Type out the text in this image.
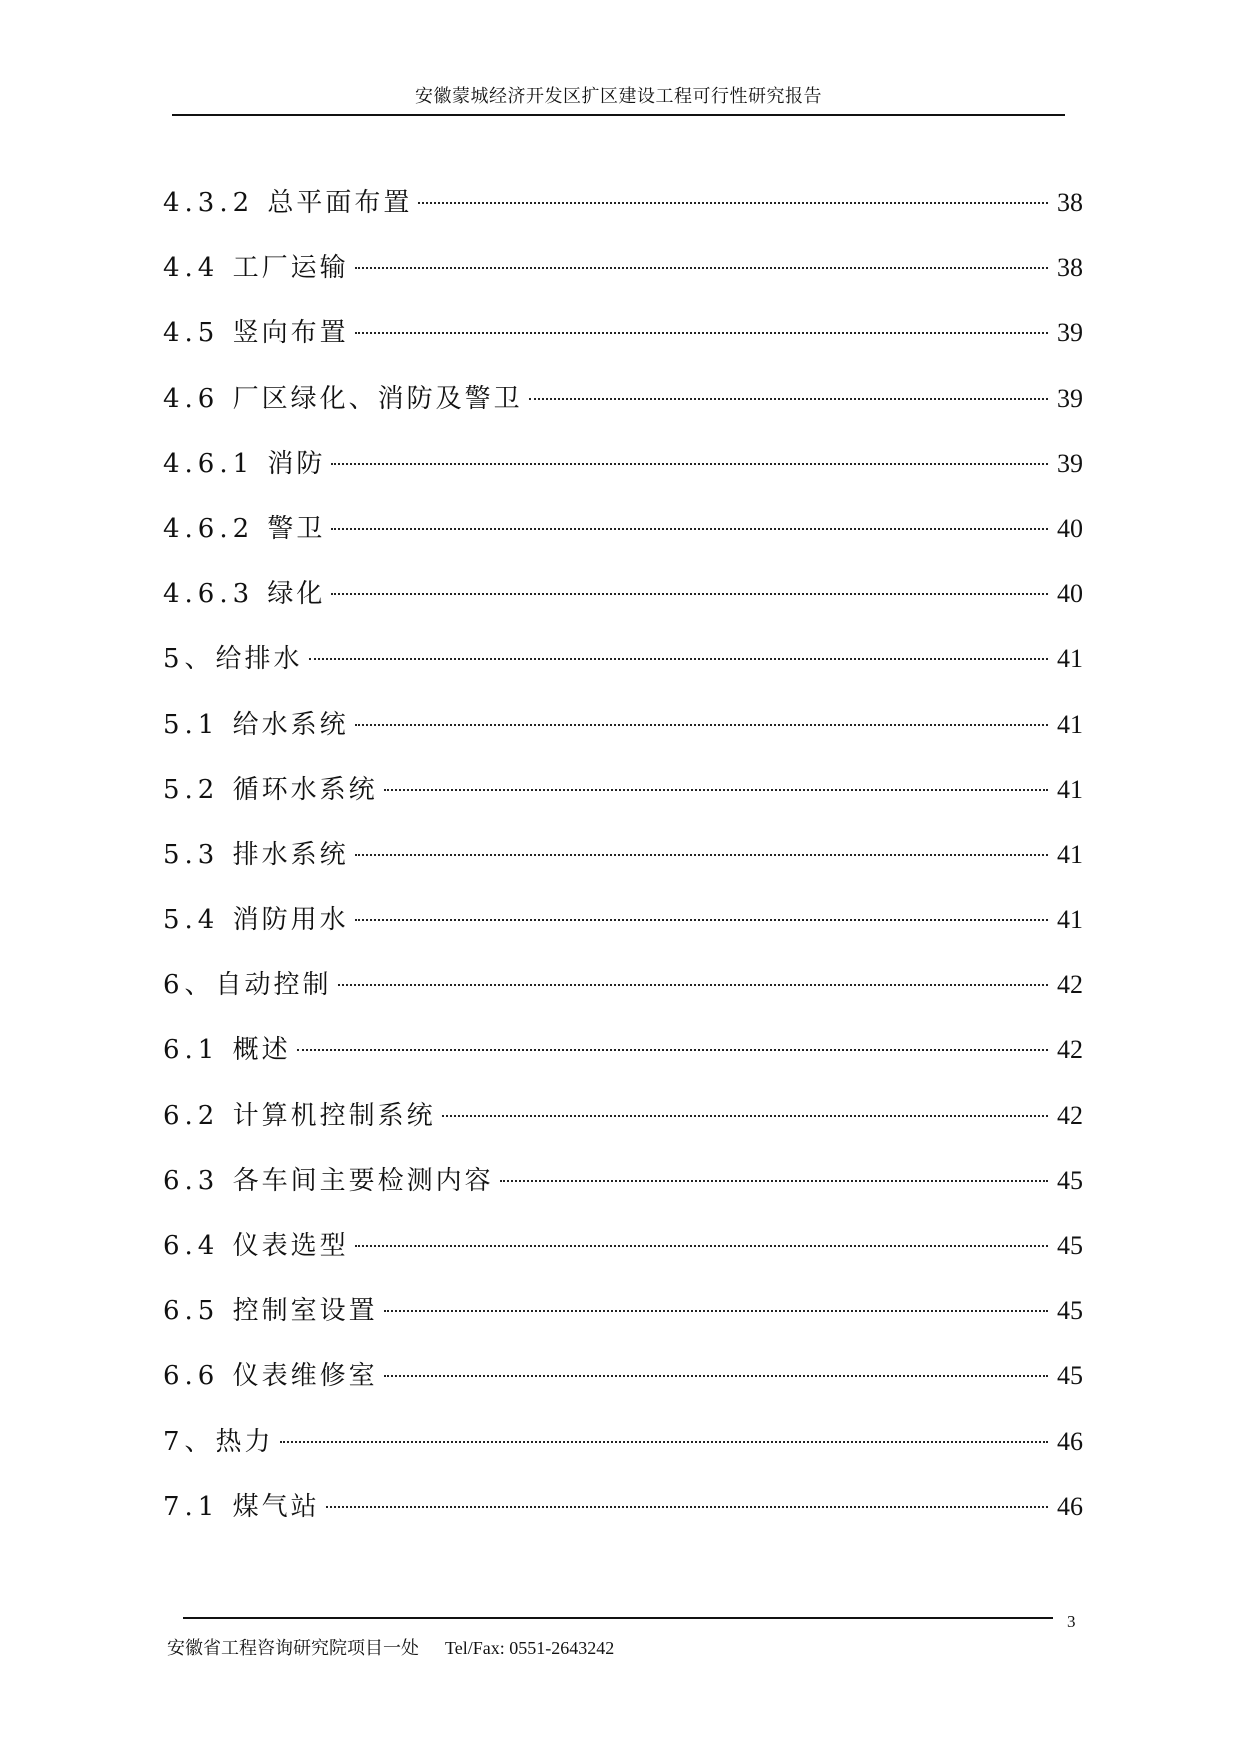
安徽蒙城经济开发区扩区建设工程可行性研究报告
4.3.2 总平面布置	38
4.4 工厂运输	38
4.5 竖向布置	39
4.6 厂区绿化、消防及警卫	39
4.6.1 消防	39
4.6.2 警卫	40
4.6.3 绿化	40
5、 给排水	41
5.1 给水系统	41
5.2 循环水系统	41
5.3 排水系统	41
5.4 消防用水	41
6、 自动控制	42
6.1 概述	42
6.2 计算机控制系统	42
6.3 各车间主要检测内容	45
6.4 仪表选型	45
6.5 控制室设置	45
6.6 仪表维修室	45
7、 热力	46
7.1 煤气站	46
3
安徽省工程咨询研究院项目一处 Tel/Fax: 0551-2643242
